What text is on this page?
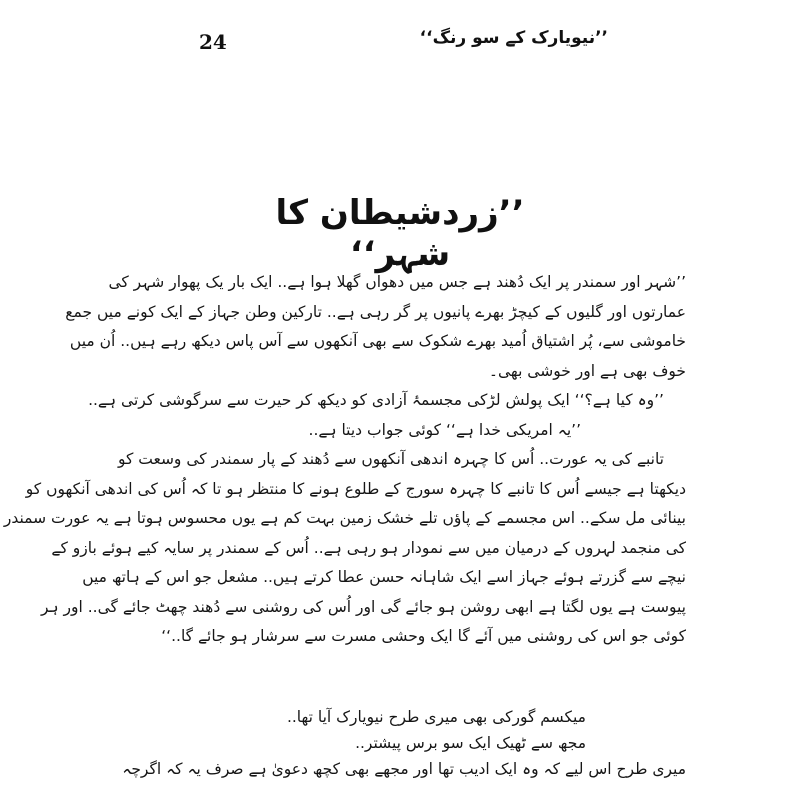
24	’’نیویارک کے سو رنگ‘‘
’’زردشیطان کا شہر‘‘
’’شہر اور سمندر پر ایک دُھند ہے جس میں دھواں گھلا ہوا ہے.. ایک بار یک پھوار شہر کی
عمارتوں اور گلیوں کے کیچڑ بھرے پانیوں پر گر رہی ہے.. تارکین وطن جہاز کے ایک کونے میں جمع
خاموشی سے، پُر اشتیاق اُمید بھرے شکوک سے بھی آنکھوں سے آس پاس دیکھ رہے ہیں.. اُن میں
خوف بھی ہے اور خوشی بھی۔
’’وہ کیا ہے؟‘‘ ایک پولش لڑکی مجسمۂ آزادی کو دیکھ کر حیرت سے سرگوشی کرتی ہے..
’’یہ امریکی خدا ہے‘‘ کوئی جواب دیتا ہے..
تانبے کی یہ عورت.. اُس کا چہرہ اندھی آنکھوں سے دُھند کے پار سمندر کی وسعت کو
دیکھتا ہے جیسے اُس کا تانبے کا چہرہ سورج کے طلوع ہونے کا منتظر ہو تا کہ اُس کی اندھی آنکھوں کو
بینائی مل سکے.. اس مجسمے کے پاؤں تلے خشک زمین بہت کم ہے یوں محسوس ہوتا ہے یہ عورت سمندر
کی منجمد لہروں کے درمیان میں سے نمودار ہو رہی ہے.. اُس کے سمندر پر سایہ کیے ہوئے بازو کے
نیچے سے گزرتے ہوئے جہاز اسے ایک شاہانہ حسن عطا کرتے ہیں.. مشعل جو اس کے ہاتھ میں
پیوست ہے یوں لگتا ہے ابھی روشن ہو جائے گی اور اُس کی روشنی سے دُھند چھٹ جائے گی.. اور ہر
کوئی جو اس کی روشنی میں آئے گا ایک وحشی مسرت سے سرشار ہو جائے گا..‘‘
میکسم گورکی بھی میری طرح نیویارک آیا تھا..
مجھ سے ٹھیک ایک سو برس پیشتر..
میری طرح اس لیے کہ وہ ایک ادیب تھا اور مجھے بھی کچھ دعویٰ ہے صرف یہ کہ اگرچہ
